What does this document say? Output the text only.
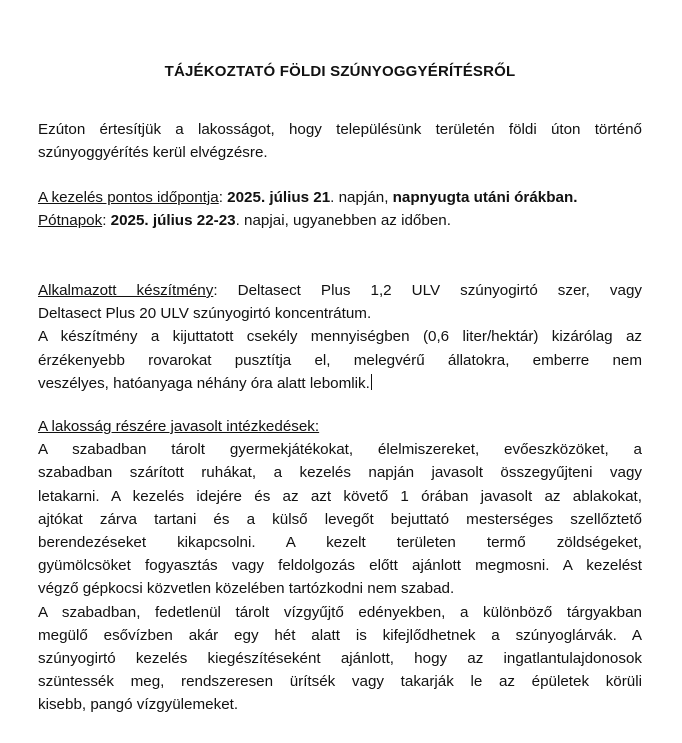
TÁJÉKOZTATÓ FÖLDI SZÚNYOGGYÉRÍTÉSRŐL
Ezúton értesítjük a lakosságot, hogy településünk területén földi úton történő
szúnyoggyérítés kerül elvégzésre.
A kezelés pontos időpontja: 2025. július 21. napján, napnyugta utáni órákban.
Pótnapok: 2025. július 22-23. napjai, ugyanebben az időben.
Alkalmazott készítmény: Deltasect Plus 1,2 ULV szúnyogirtó szer, vagy
Deltasect Plus 20 ULV szúnyogirtó koncentrátum.
A készítmény a kijuttatott csekély mennyiségben (0,6 liter/hektár) kizárólag az
érzékenyebb rovarokat pusztítja el, melegvérű állatokra, emberre nem
veszélyes, hatóanyaga néhány óra alatt lebomlik.
A lakosság részére javasolt intézkedések:
A szabadban tárolt gyermekjátékokat, élelmiszereket, evőeszközöket, a
szabadban szárított ruhákat, a kezelés napján javasolt összegyűjteni vagy
letakarni. A kezelés idejére és az azt követő 1 órában javasolt az ablakokat,
ajtókat zárva tartani és a külső levegőt bejuttató mesterséges szellőztető
berendezéseket kikapcsolni. A kezelt területen termő zöldségeket,
gyümölcsöket fogyasztás vagy feldolgozás előtt ajánlott megmosni. A kezelést
végző gépkocsi közvetlen közelében tartózkodni nem szabad.
A szabadban, fedetlenül tárolt vízgyűjtő edényekben, a különböző tárgyakban
megülő esővízben akár egy hét alatt is kifejlődhetnek a szúnyoglárvák. A
szúnyogirtó kezelés kiegészítéseként ajánlott, hogy az ingatlantulajdonosok
szüntessék meg, rendszeresen ürítsék vagy takarják le az épületek körüli
kisebb, pangó vízgyülemeket.
